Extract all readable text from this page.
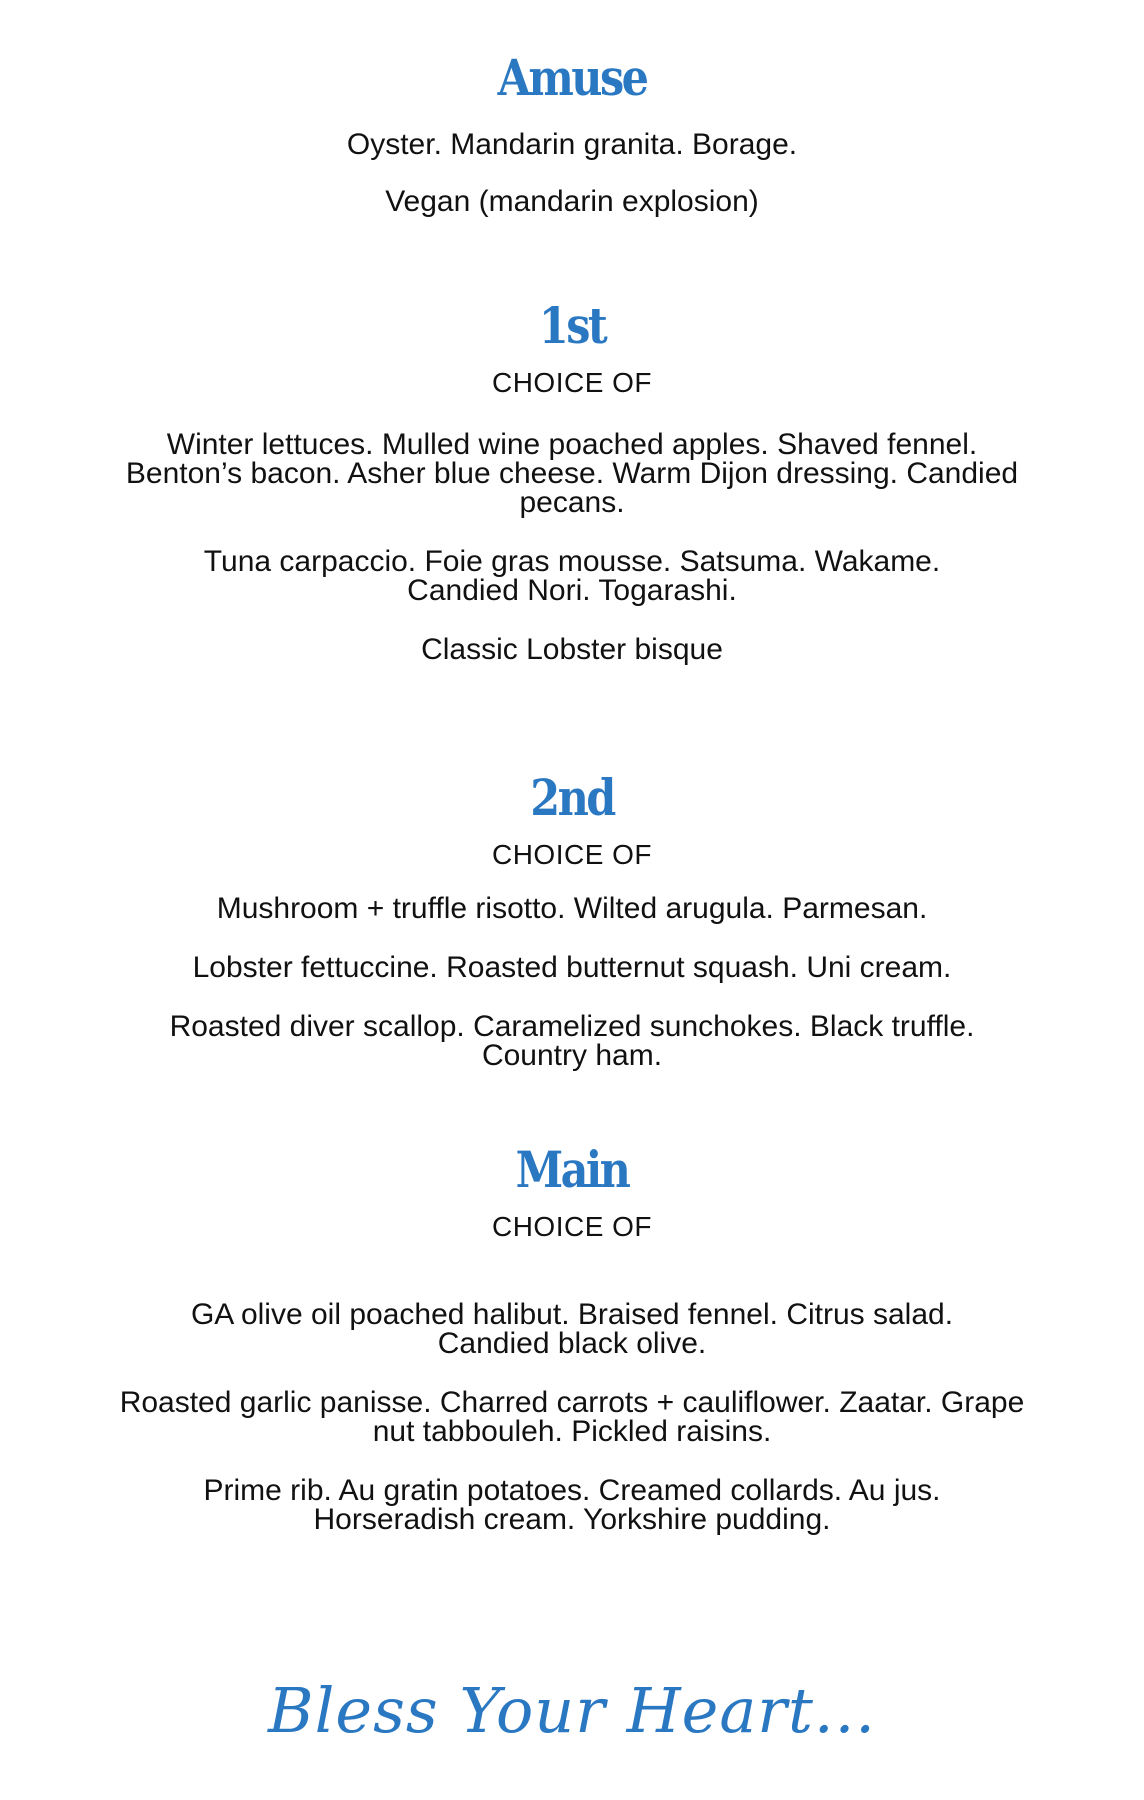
Amuse
Oyster. Mandarin granita. Borage.
Vegan (mandarin explosion)
1st
CHOICE OF
Winter lettuces. Mulled wine poached apples. Shaved fennel. Benton’s bacon. Asher blue cheese. Warm Dijon dressing. Candied pecans.
Tuna carpaccio. Foie gras mousse. Satsuma. Wakame. Candied Nori. Togarashi.
Classic Lobster bisque
2nd
CHOICE OF
Mushroom + truffle risotto. Wilted arugula. Parmesan.
Lobster fettuccine. Roasted butternut squash. Uni cream.
Roasted diver scallop. Caramelized sunchokes. Black truffle. Country ham.
Main
CHOICE OF
GA olive oil poached halibut. Braised fennel. Citrus salad. Candied black olive.
Roasted garlic panisse. Charred carrots + cauliflower. Zaatar. Grape nut tabbouleh. Pickled raisins.
Prime rib. Au gratin potatoes. Creamed collards. Au jus. Horseradish cream. Yorkshire pudding.
Bless Your Heart...
